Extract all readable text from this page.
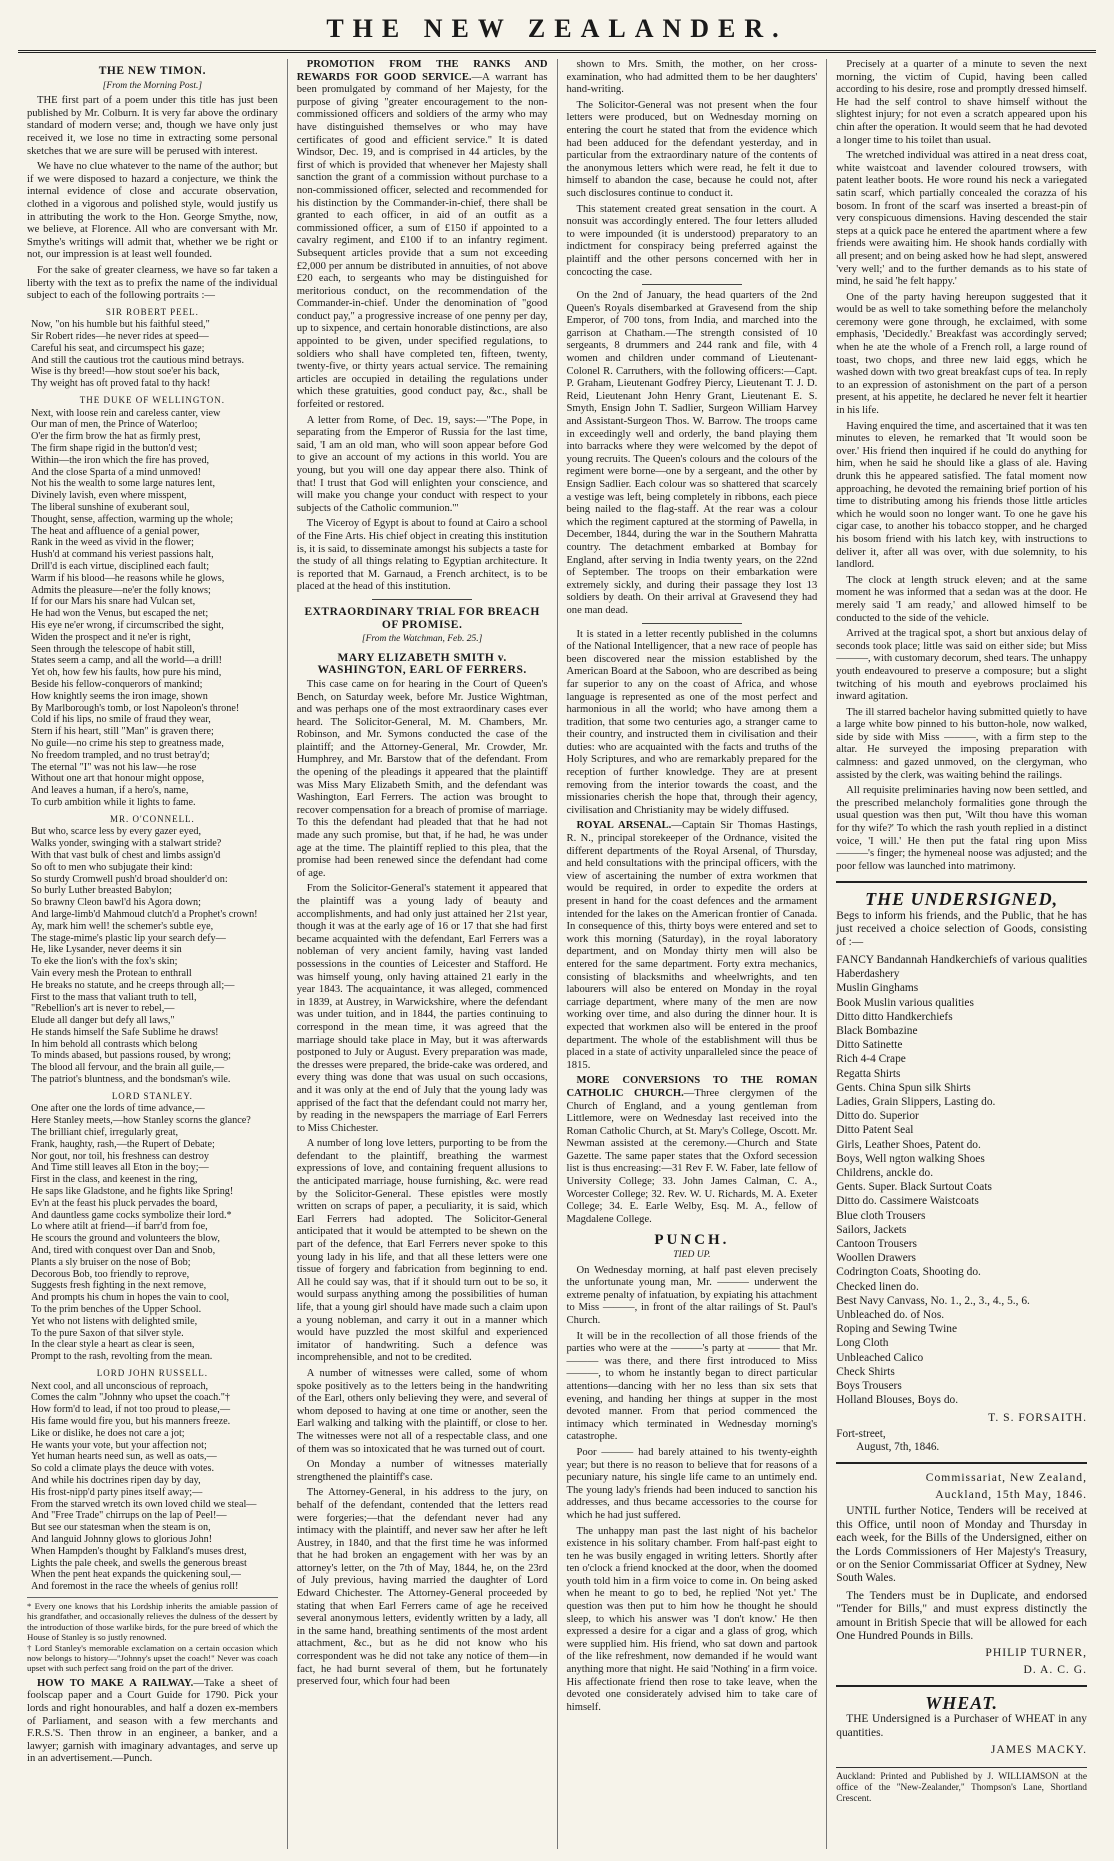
THE NEW ZEALANDER.
THE NEW TIMON.
[From the Morning Post.]

THE first part of a poem under this title has just been published by Mr. Colburn. It is very far above the ordinary standard of modern verse; and, though we have only just received it, we lose no time in extracting some personal sketches that we are sure will be perused with interest.

We have no clue whatever to the name of the author; but if we were disposed to hazard a conjecture, we think the internal evidence of close and accurate observation, clothed in a vigorous and polished style, would justify us in attributing the work to the Hon. George Smythe, now, we believe, at Florence. All who are conversant with Mr. Smythe's writings will admit that, whether we be right or not, our impression is at least well founded.

For the sake of greater clearness, we have so far taken a liberty with the text as to prefix the name of the individual subject to each of the following portraits :—

SIR ROBERT PEEL.
Now, "on his humble but his faithful steed,"
Sir Robert rides—he never rides at speed—
Careful his seat, and circumspect his gaze;
And still the cautious trot the cautious mind betrays.
Wise is thy breed!—how stout soe'er his back,
Thy weight has oft proved fatal to thy hack!
THE DUKE OF WELLINGTON.
Next, with loose rein and careless canter, view
Our man of men, the Prince of Waterloo;
O'er the firm brow the hat as firmly prest,
The firm shape rigid in the button'd vest;
Within—the iron which the fire has proved,
And the close Sparta of a mind unmoved!
Not his the wealth to some large natures lent,
Divinely lavish, even where misspent,
The liberal sunshine of exuberant soul,
Thought, sense, affection, warming up the whole;
The heat and affluence of a genial power,
Rank in the weed as vivid in the flower;
Hush'd at command his veriest passions halt,
Drill'd is each virtue, disciplined each fault;
Warm if his blood—he reasons while he glows,
Admits the pleasure—ne'er the folly knows;
If for our Mars his snare had Vulcan set,
He had won the Venus, but escaped the net;
His eye ne'er wrong, if circumscribed the sight,
Widen the prospect and it ne'er is right,
Seen through the telescope of habit still,
States seem a camp, and all the world—a drill!
Yet oh, how few his faults, how pure his mind,
Beside his fellow-conquerors of mankind;
How knightly seems the iron image, shown
By Marlborough's tomb, or lost Napoleon's throne!
Cold if his lips, no smile of fraud they wear,
Stern if his heart, still "Man" is graven there;
No guile—no crime his step to greatness made,
No freedom trampled, and no trust betray'd;
The eternal "I" was not his law—he rose
Without one art that honour might oppose,
And leaves a human, if a hero's, name,
To curb ambition while it lights to fame.
MR. O'CONNELL.
But who, scarce less by every gazer eyed,
Walks yonder, swinging with a stalwart stride?
With that vast bulk of chest and limbs assign'd
So oft to men who subjugate their kind:
So sturdy Cromwell push'd broad shoulder'd on:
So burly Luther breasted Babylon;
So brawny Cleon bawl'd his Agora down;
And large-limb'd Mahmoud clutch'd a Prophet's crown!
Ay, mark him well! the schemer's subtle eye,
The stage-mime's plastic lip your search defy—
He, like Lysander, never deems it sin
To eke the lion's with the fox's skin;
Vain every mesh the Protean to enthrall
He breaks no statute, and he creeps through all;—
First to the mass that valiant truth to tell,
"Rebellion's art is never to rebel,—
Elude all danger but defy all laws,"
He stands himself the Safe Sublime he draws!
In him behold all contrasts which belong
To minds abased, but passions roused, by wrong;
The blood all fervour, and the brain all guile,—
The patriot's bluntness, and the bondsman's wile.
LORD STANLEY.
One after one the lords of time advance,—
Here Stanley meets,—how Stanley scorns the glance?
The brilliant chief, irregularly great,
Frank, haughty, rash,—the Rupert of Debate;
Nor gout, nor toil, his freshness can destroy
And Time still leaves all Eton in the boy;—
First in the class, and keenest in the ring,
He saps like Gladstone, and he fights like Spring!
Ev'n at the feast his pluck pervades the board,
And dauntless game cocks symbolize their lord.*
Lo where atilt at friend—if barr'd from foe,
He scours the ground and volunteers the blow,
And, tired with conquest over Dan and Snob,
Plants a sly bruiser on the nose of Bob;
Decorous Bob, too friendly to reprove,
Suggests fresh fighting in the next remove,
And prompts his chum in hopes the vain to cool,
To the prim benches of the Upper School.
Yet who not listens with delighted smile,
To the pure Saxon of that silver style.
In the clear style a heart as clear is seen,
Prompt to the rash, revolting from the mean.
LORD JOHN RUSSELL.
Next cool, and all unconscious of reproach,
Comes the calm "Johnny who upset the coach."†
How form'd to lead, if not too proud to please,—
His fame would fire you, but his manners freeze.
Like or dislike, he does not care a jot;
He wants your vote, but your affection not;
Yet human hearts need sun, as well as oats,—
So cold a climate plays the deuce with votes.
And while his doctrines ripen day by day,
His frost-nipp'd party pines itself away;—
From the starved wretch its own loved child we steal—
And "Free Trade" chirrups on the lap of Peel!—
But see our statesman when the steam is on,
And languid Johnny glows to glorious John!
When Hampden's thought by Falkland's muses drest,
Lights the pale cheek, and swells the generous breast
When the pent heat expands the quickening soul,—
And foremost in the race the wheels of genius roll!
* Every one knows that his Lordship inherits the amiable passion of his grandfather, and occasionally relieves the dulness of the dessert by the introduction of those warlike birds, for the pure breed of which the House of Stanley is so justly renowned.
† Lord Stanley's memorable exclamation on a certain occasion which now belongs to history—"Johnny's upset the coach!" Never was coach upset with such perfect sang froid on the part of the driver.

HOW TO MAKE A RAILWAY.—Take a sheet of foolscap paper and a Court Guide for 1790. Pick your lords and right honourables, and half a dozen ex-members of Parliament, and season with a few merchants and F.R.S.'S. Then throw in an engineer, a banker, and a lawyer; garnish with imaginary advantages, and serve up in an advertisement.—Punch.

PROMOTION FROM THE RANKS AND REWARDS FOR GOOD SERVICE.—A warrant has been promulgated by command of her Majesty, for the purpose of giving "greater encouragement to the non-commissioned officers and soldiers of the army who may have distinguished themselves or who may have certificates of good and efficient service." It is dated Windsor, Dec. 19, and is comprised in 44 articles, by the first of which is provided that whenever her Majesty shall sanction the grant of a commission without purchase to a non-commissioned officer, selected and recommended for his distinction by the Commander-in-chief, there shall be granted to each officer, in aid of an outfit as a commissioned officer, a sum of £150 if appointed to a cavalry regiment, and £100 if to an infantry regiment. Subsequent articles provide that a sum not exceeding £2,000 per annum be distributed in annuities, of not above £20 each, to sergeants who may be distinguished for meritorious conduct, on the recommendation of the Commander-in-chief. Under the denomination of "good conduct pay," a progressive increase of one penny per day, up to sixpence, and certain honorable distinctions, are also appointed to be given, under specified regulations, to soldiers who shall have completed ten, fifteen, twenty, twenty-five, or thirty years actual service. The remaining articles are occupied in detailing the regulations under which these gratuities, good conduct pay, &c., shall be forfeited or restored.

A letter from Rome, of Dec. 19, says:—"The Pope, in separating from the Emperor of Russia for the last time, said, 'I am an old man, who will soon appear before God to give an account of my actions in this world. You are young, but you will one day appear there also. Think of that! I trust that God will enlighten your conscience, and will make you change your conduct with respect to your subjects of the Catholic communion.'"

The Viceroy of Egypt is about to found at Cairo a school of the Fine Arts. His chief object in creating this institution is, it is said, to disseminate amongst his subjects a taste for the study of all things relating to Egyptian architecture. It is reported that M. Garnaud, a French architect, is to be placed at the head of this institution.

EXTRAORDINARY TRIAL FOR BREACH OF PROMISE.
[From the Watchman, Feb. 25.]
MARY ELIZABETH SMITH v. WASHINGTON, EARL OF FERRERS.

This case came on for hearing in the Court of Queen's Bench, on Saturday week, before Mr. Justice Wightman, and was perhaps one of the most extraordinary cases ever heard. The Solicitor-General, M. M. Chambers, Mr. Robinson, and Mr. Symons conducted the case of the plaintiff; and the Attorney-General, Mr. Crowder, Mr. Humphrey, and Mr. Barstow that of the defendant. From the opening of the pleadings it appeared that the plaintiff was Miss Mary Elizabeth Smith, and the defendant was Washington, Earl Ferrers. The action was brought to recover compensation for a breach of promise of marriage. To this the defendant had pleaded that that he had not made any such promise, but that, if he had, he was under age at the time. The plaintiff replied to this plea, that the promise had been renewed since the defendant had come of age.

From the Solicitor-General's statement it appeared that the plaintiff was a young lady of beauty and accomplishments, and had only just attained her 21st year, though it was at the early age of 16 or 17 that she had first became acquainted with the defendant, Earl Ferrers was a nobleman of very ancient family, having vast landed possessions in the counties of Leicester and Stafford. He was himself young, only having attained 21 early in the year 1843. The acquaintance, it was alleged, commenced in 1839, at Austrey, in Warwickshire, where the defendant was under tuition, and in 1844, the parties continuing to correspond in the mean time, it was agreed that the marriage should take place in May, but it was afterwards postponed to July or August. Every preparation was made, the dresses were prepared, the bride-cake was ordered, and every thing was done that was usual on such occasions, and it was only at the end of July that the young lady was apprised of the fact that the defendant could not marry her, by reading in the newspapers the marriage of Earl Ferrers to Miss Chichester.

A number of long love letters, purporting to be from the defendant to the plaintiff, breathing the warmest expressions of love, and containing frequent allusions to the anticipated marriage, house furnishing, &c. were read by the Solicitor-General. These epistles were mostly written on scraps of paper, a peculiarity, it is said, which Earl Ferrers had adopted. The Solicitor-General anticipated that it would be attempted to be shewn on the part of the defence, that Earl Ferrers never spoke to this young lady in his life, and that all these letters were one tissue of forgery and fabrication from beginning to end. All he could say was, that if it should turn out to be so, it would surpass anything among the possibilities of human life, that a young girl should have made such a claim upon a young nobleman, and carry it out in a manner which would have puzzled the most skilful and experienced imitator of handwriting. Such a defence was incomprehensible, and not to be credited.

A number of witnesses were called, some of whom spoke positively as to the letters being in the handwriting of the Earl, others only believing they were, and several of whom deposed to having at one time or another, seen the Earl walking and talking with the plaintiff, or close to her. The witnesses were not all of a respectable class, and one of them was so intoxicated that he was turned out of court.

On Monday a number of witnesses materially strengthened the plaintiff's case.

The Attorney-General, in his address to the jury, on behalf of the defendant, contended that the letters read were forgeries;—that the defendant never had any intimacy with the plaintiff, and never saw her after he left Austrey, in 1840, and that the first time he was informed that he had broken an engagement with her was by an attorney's letter, on the 7th of May, 1844, he, on the 23rd of July previous, having married the daughter of Lord Edward Chichester. The Attorney-General proceeded by stating that when Earl Ferrers came of age he received several anonymous letters, evidently written by a lady, all in the same hand, breathing sentiments of the most ardent attachment, &c., but as he did not know who his correspondent was he did not take any notice of them—in fact, he had burnt several of them, but he fortunately preserved four, which four had been

shown to Mrs. Smith, the mother, on her cross-examination, who had admitted them to be her daughters' hand-writing.

The Solicitor-General was not present when the four letters were produced, but on Wednesday morning on entering the court he stated that from the evidence which had been adduced for the defendant yesterday, and in particular from the extraordinary nature of the contents of the anonymous letters which were read, he felt it due to himself to abandon the case, because he could not, after such disclosures continue to conduct it.

This statement created great sensation in the court. A nonsuit was accordingly entered. The four letters alluded to were impounded (it is understood) preparatory to an indictment for conspiracy being preferred against the plaintiff and the other persons concerned with her in concocting the case.

On the 2nd of January, the head quarters of the 2nd Queen's Royals disembarked at Gravesend from the ship Emperor, of 700 tons, from India, and marched into the garrison at Chatham.—The strength consisted of 10 sergeants, 8 drummers and 244 rank and file, with 4 women and children under command of Lieutenant-Colonel R. Carruthers, with the following officers:—Capt. P. Graham, Lieutenant Godfrey Piercy, Lieutenant T. J. D. Reid, Lieutenant John Henry Grant, Lieutenant E. S. Smyth, Ensign John T. Sadlier, Surgeon William Harvey and Assistant-Surgeon Thos. W. Barrow. The troops came in exceedingly well and orderly, the band playing them into barracks where they were welcomed by the depot of young recruits. The Queen's colours and the colours of the regiment were borne—one by a sergeant, and the other by Ensign Sadlier. Each colour was so shattered that scarcely a vestige was left, being completely in ribbons, each piece being nailed to the flag-staff. At the rear was a colour which the regiment captured at the storming of Pawella, in December, 1844, during the war in the Southern Mahratta country. The detachment embarked at Bombay for England, after serving in India twenty years, on the 22nd of September. The troops on their embarkation were extremely sickly, and during their passage they lost 13 soldiers by death. On their arrival at Gravesend they had one man dead.

It is stated in a letter recently published in the columns of the National Intelligencer, that a new race of people has been discovered near the mission established by the American Board at the Saboon, who are described as being far superior to any on the coast of Africa, and whose language is represented as one of the most perfect and harmonious in all the world; who have among them a tradition, that some two centuries ago, a stranger came to their country, and instructed them in civilisation and their duties: who are acquainted with the facts and truths of the Holy Scriptures, and who are remarkably prepared for the reception of further knowledge. They are at present removing from the interior towards the coast, and the missionaries cherish the hope that, through their agency, civilisation and Christianity may be widely diffused.

ROYAL ARSENAL.—Captain Sir Thomas Hastings, R. N., principal storekeeper of the Ordnance, visited the different departments of the Royal Arsenal, of Thursday, and held consultations with the principal officers, with the view of ascertaining the number of extra workmen that would be required, in order to expedite the orders at present in hand for the coast defences and the armament intended for the lakes on the American frontier of Canada. In consequence of this, thirty boys were entered and set to work this morning (Saturday), in the royal laboratory department, and on Monday thirty men will also be entered for the same department. Forty extra mechanics, consisting of blacksmiths and wheelwrights, and ten labourers will also be entered on Monday in the royal carriage department, where many of the men are now working over time, and also during the dinner hour. It is expected that workmen also will be entered in the proof department. The whole of the establishment will thus be placed in a state of activity unparalleled since the peace of 1815.

MORE CONVERSIONS TO THE ROMAN CATHOLIC CHURCH.—Three clergymen of the Church of England, and a young gentleman from Littlemore, were on Wednesday last received into the Roman Catholic Church, at St. Mary's College, Oscott. Mr. Newman assisted at the ceremony.—Church and State Gazette. The same paper states that the Oxford secession list is thus encreasing:—31 Rev F. W. Faber, late fellow of University College; 33. John James Calman, C. A., Worcester College; 32. Rev. W. U. Richards, M. A. Exeter College; 34. E. Earle Welby, Esq. M. A., fellow of Magdalene College.

PUNCH.
TIED UP.

On Wednesday morning, at half past eleven precisely the unfortunate young man, Mr. ——— underwent the extreme penalty of infatuation, by expiating his attachment to Miss ———, in front of the altar railings of St. Paul's Church.

It will be in the recollection of all those friends of the parties who were at the ———'s party at ——— that Mr. ——— was there, and there first introduced to Miss ———, to whom he instantly began to direct particular attentions—dancing with her no less than six sets that evening, and handing her things at supper in the most devoted manner. From that period commenced the intimacy which terminated in Wednesday morning's catastrophe.

Poor ——— had barely attained to his twenty-eighth year; but there is no reason to believe that for reasons of a pecuniary nature, his single life came to an untimely end. The young lady's friends had been induced to sanction his addresses, and thus became accessories to the course for which he had just suffered.

The unhappy man past the last night of his bachelor existence in his solitary chamber. From half-past eight to ten he was busily engaged in writing letters. Shortly after ten o'clock a friend knocked at the door, when the doomed youth told him in a firm voice to come in. On being asked when he meant to go to bed, he replied 'Not yet.' The question was then put to him how he thought he should sleep, to which his answer was 'I don't know.' He then expressed a desire for a cigar and a glass of grog, which were supplied him. His friend, who sat down and partook of the like refreshment, now demanded if he would want anything more that night. He said 'Nothing' in a firm voice. His affectionate friend then rose to take leave, when the devoted one considerately advised him to take care of himself.

Precisely at a quarter of a minute to seven the next morning, the victim of Cupid, having been called according to his desire, rose and promptly dressed himself. He had the self control to shave himself without the slightest injury; for not even a scratch appeared upon his chin after the operation. It would seem that he had devoted a longer time to his toilet than usual.

The wretched individual was attired in a neat dress coat, white waistcoat and lavender coloured trowsers, with patent leather boots. He wore round his neck a variegated satin scarf, which partially concealed the corazza of his bosom. In front of the scarf was inserted a breast-pin of very conspicuous dimensions. Having descended the stair steps at a quick pace he entered the apartment where a few friends were awaiting him. He shook hands cordially with all present; and on being asked how he had slept, answered 'very well;' and to the further demands as to his state of mind, he said 'he felt happy.'

One of the party having hereupon suggested that it would be as well to take something before the melancholy ceremony were gone through, he exclaimed, with some emphasis, 'Decidedly.' Breakfast was accordingly served; when he ate the whole of a French roll, a large round of toast, two chops, and three new laid eggs, which he washed down with two great breakfast cups of tea. In reply to an expression of astonishment on the part of a person present, at his appetite, he declared he never felt it heartier in his life.

Having enquired the time, and ascertained that it was ten minutes to eleven, he remarked that 'It would soon be over.' His friend then inquired if he could do anything for him, when he said he should like a glass of ale. Having drunk this he appeared satisfied. The fatal moment now approaching, he devoted the remaining brief portion of his time to distributing among his friends those little articles which he would soon no longer want. To one he gave his cigar case, to another his tobacco stopper, and he charged his bosom friend with his latch key, with instructions to deliver it, after all was over, with due solemnity, to his landlord.

The clock at length struck eleven; and at the same moment he was informed that a sedan was at the door. He merely said 'I am ready,' and allowed himself to be conducted to the side of the vehicle.

Arrived at the tragical spot, a short but anxious delay of seconds took place; little was said on either side; but Miss ———, with customary decorum, shed tears. The unhappy youth endeavoured to preserve a composure; but a slight twitching of his mouth and eyebrows proclaimed his inward agitation.

The ill starred bachelor having submitted quietly to have a large white bow pinned to his button-hole, now walked, side by side with Miss ———, with a firm step to the altar. He surveyed the imposing preparation with calmness: and gazed unmoved, on the clergyman, who assisted by the clerk, was waiting behind the railings.

All requisite preliminaries having now been settled, and the prescribed melancholy formalities gone through the usual question was then put, 'Wilt thou have this woman for thy wife?' To which the rash youth replied in a distinct voice, 'I will.' He then put the fatal ring upon Miss ———'s finger; the hymeneal noose was adjusted; and the poor fellow was launched into matrimony.

THE UNDERSIGNED,
Begs to inform his friends, and the Public, that he has just received a choice selection of Goods, consisting of :—
FANCY Bandannah Handkerchiefs of various qualities
Haberdashery
Muslin Ginghams
Book Muslin various qualities
Ditto ditto Handkerchiefs
Black Bombazine
Ditto Satinette
Rich 4-4 Crape
Regatta Shirts
Gents. China Spun silk Shirts
Ladies, Grain Slippers, Lasting do.
Ditto do. Superior
Ditto Patent Seal
Girls, Leather Shoes, Patent do.
Boys, Well ngton walking Shoes
Childrens, anckle do.
Gents. Super. Black Surtout Coats
Ditto do. Cassimere Waistcoats
Blue cloth Trousers
Sailors, Jackets
Cantoon Trousers
Woollen Drawers
Codrington Coats, Shooting do.
Checked linen do.
Best Navy Canvass, No. 1., 2., 3., 4., 5., 6.
Unbleached do. of Nos.
Roping and Sewing Twine
Long Cloth
Unbleached Calico
Check Shirts
Boys Trousers
Holland Blouses, Boys do.
T. S. FORSAITH.
Fort-street,
August, 7th, 1846.
Commissariat, New Zealand,
Auckland, 15th May, 1846.
UNTIL further Notice, Tenders will be received at this Office, until noon of Monday and Thursday in each week, for the Bills of the Undersigned, either on the Lords Commissioners of Her Majesty's Treasury, or on the Senior Commissariat Officer at Sydney, New South Wales.
The Tenders must be in Duplicate, and endorsed "Tender for Bills," and must express distinctly the amount in British Specie that will be allowed for each One Hundred Pounds in Bills.
PHILIP TURNER,
D. A. C. G.
WHEAT.
THE Undersigned is a Purchaser of WHEAT in any quantities.
JAMES MACKY.
Auckland: Printed and Published by J. WILLIAMSON at the office of the "New-Zealander," Thompson's Lane, Shortland Crescent.
